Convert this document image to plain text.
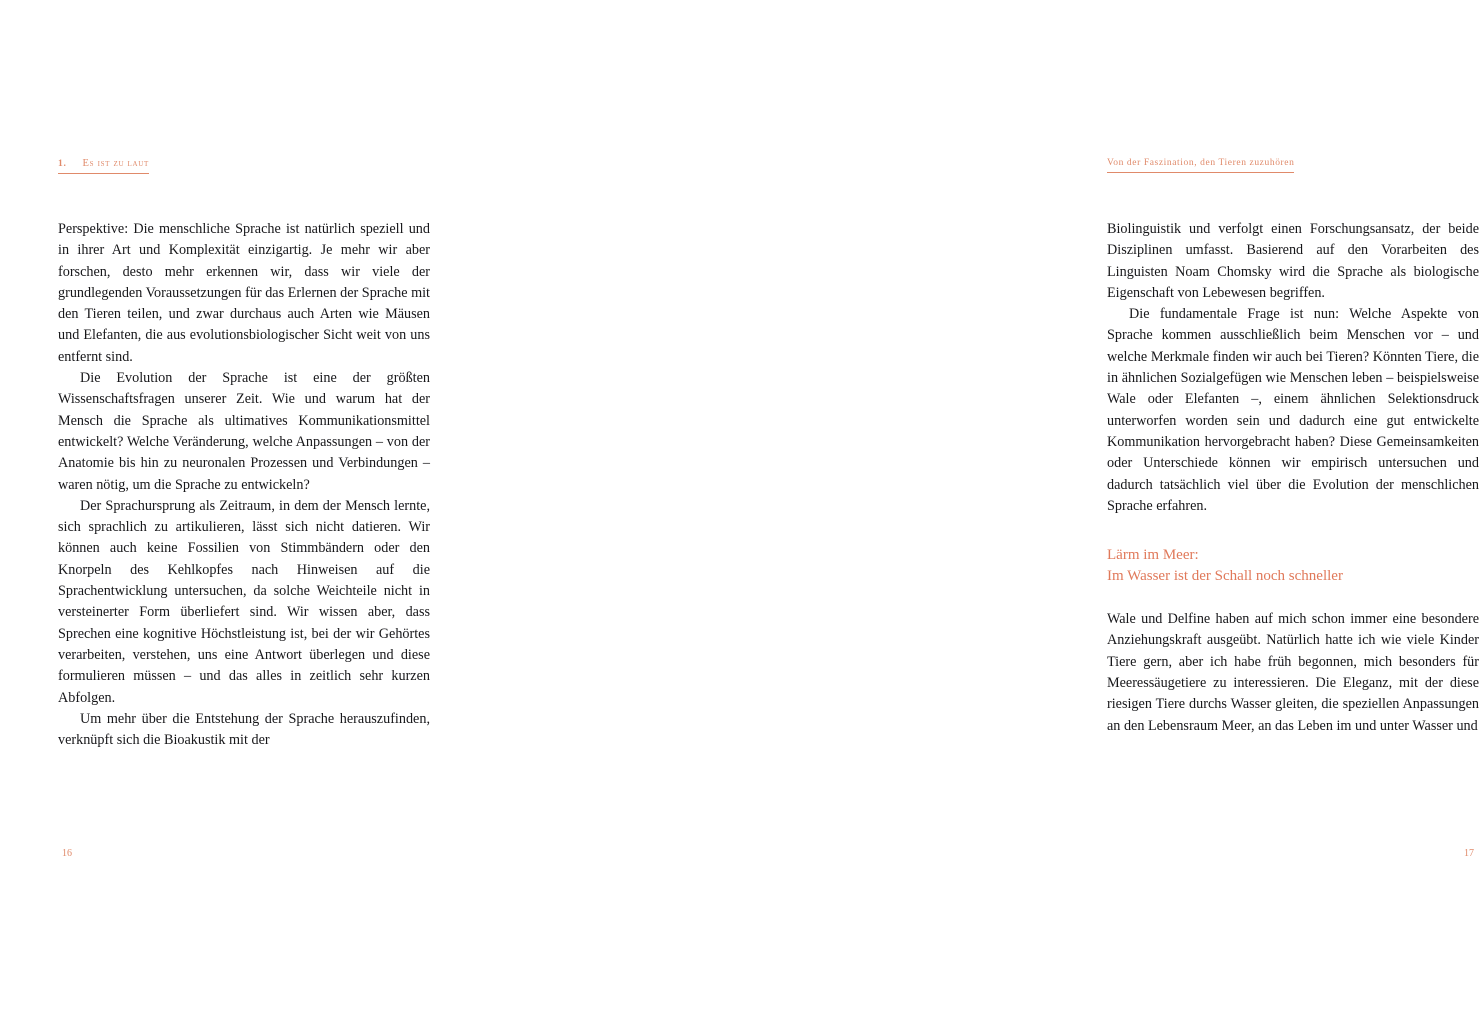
1. Es ist zu laut

Perspektive: Die menschliche Sprache ist natürlich speziell und in ihrer Art und Komplexität einzigartig. Je mehr wir aber forschen, desto mehr erkennen wir, dass wir viele der grundlegenden Voraussetzungen für das Erlernen der Sprache mit den Tieren teilen, und zwar durchaus auch Arten wie Mäusen und Elefanten, die aus evolutionsbiologischer Sicht weit von uns entfernt sind.

Die Evolution der Sprache ist eine der größten Wissenschaftsfragen unserer Zeit. Wie und warum hat der Mensch die Sprache als ultimatives Kommunikationsmittel entwickelt? Welche Veränderung, welche Anpassungen – von der Anatomie bis hin zu neuronalen Prozessen und Verbindungen – waren nötig, um die Sprache zu entwickeln?

Der Sprachursprung als Zeitraum, in dem der Mensch lernte, sich sprachlich zu artikulieren, lässt sich nicht datieren. Wir können auch keine Fossilien von Stimmbändern oder den Knorpeln des Kehlkopfes nach Hinweisen auf die Sprachentwicklung untersuchen, da solche Weichteile nicht in versteinerter Form überliefert sind. Wir wissen aber, dass Sprechen eine kognitive Höchstleistung ist, bei der wir Gehörtes verarbeiten, verstehen, uns eine Antwort überlegen und diese formulieren müssen – und das alles in zeitlich sehr kurzen Abfolgen.

Um mehr über die Entstehung der Sprache herauszufinden, verknüpft sich die Bioakustik mit der

16
Von der Faszination, den Tieren zuzuhören

Biolinguistik und verfolgt einen Forschungsansatz, der beide Disziplinen umfasst. Basierend auf den Vorarbeiten des Linguisten Noam Chomsky wird die Sprache als biologische Eigenschaft von Lebewesen begriffen.

Die fundamentale Frage ist nun: Welche Aspekte von Sprache kommen ausschließlich beim Menschen vor – und welche Merkmale finden wir auch bei Tieren? Könnten Tiere, die in ähnlichen Sozialgefügen wie Menschen leben – beispielsweise Wale oder Elefanten –, einem ähnlichen Selektionsdruck unterworfen worden sein und dadurch eine gut entwickelte Kommunikation hervorgebracht haben? Diese Gemeinsamkeiten oder Unterschiede können wir empirisch untersuchen und dadurch tatsächlich viel über die Evolution der menschlichen Sprache erfahren.

Lärm im Meer:
Im Wasser ist der Schall noch schneller

Wale und Delfine haben auf mich schon immer eine besondere Anziehungskraft ausgeübt. Natürlich hatte ich wie viele Kinder Tiere gern, aber ich habe früh begonnen, mich besonders für Meeressäugetiere zu interessieren. Die Eleganz, mit der diese riesigen Tiere durchs Wasser gleiten, die speziellen Anpassungen an den Lebensraum Meer, an das Leben im und unter Wasser und

17
